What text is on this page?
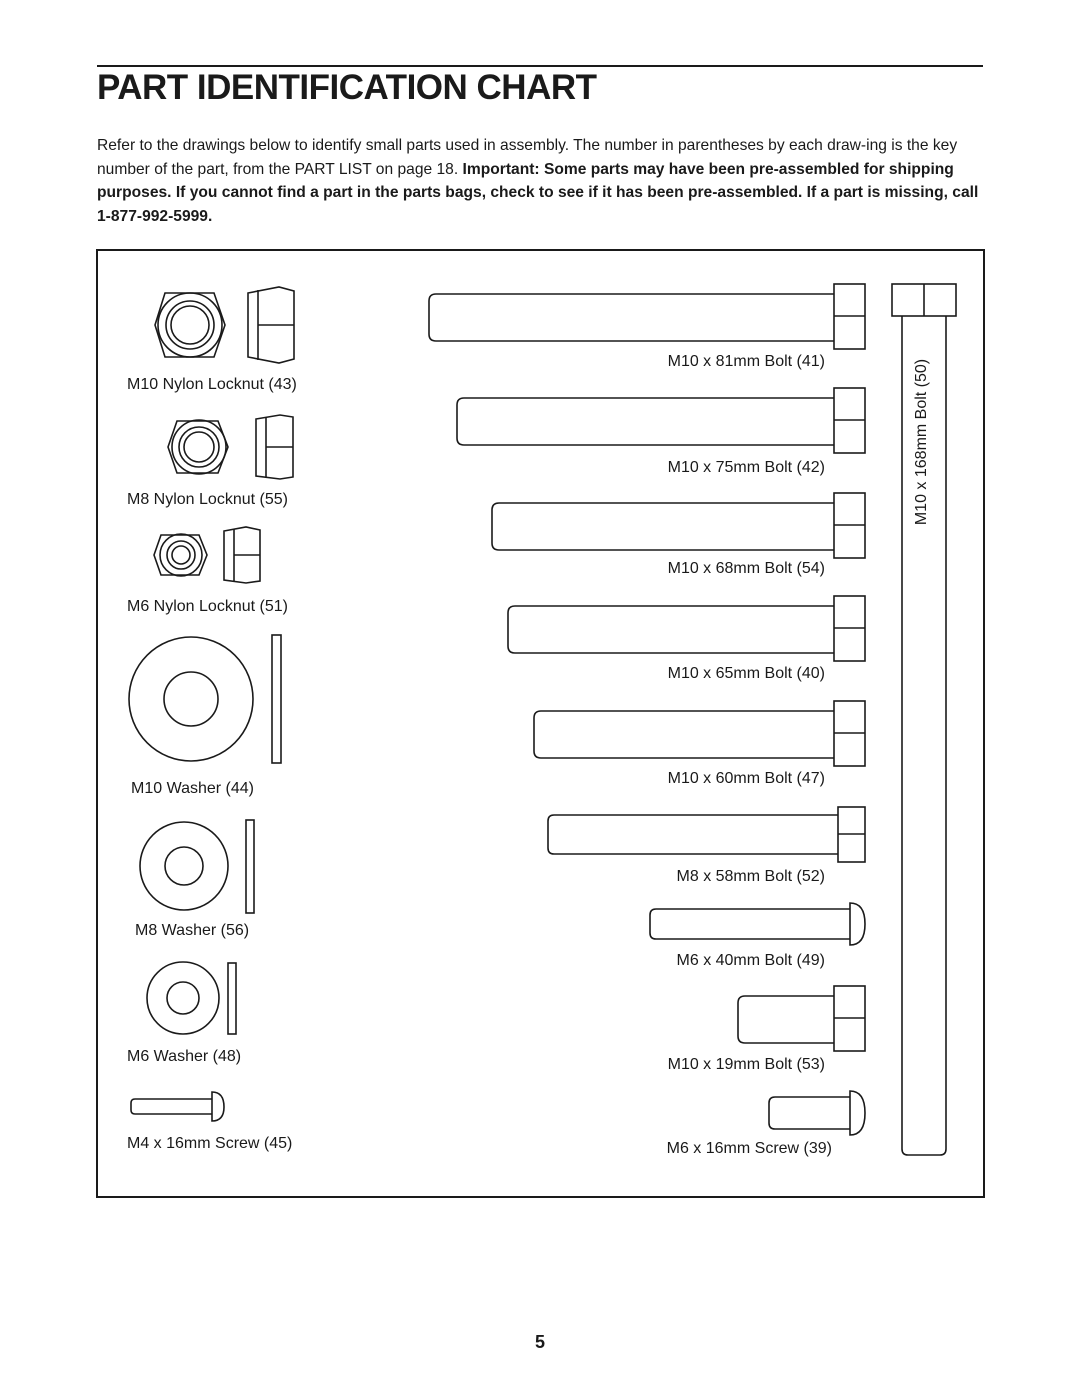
PART IDENTIFICATION CHART

Refer to the drawings below to identify small parts used in assembly. The number in parentheses by each draw-ing is the key number of the part, from the PART LIST on page 18. Important: Some parts may have been pre-assembled for shipping purposes. If you cannot find a part in the parts bags, check to see if it has been pre-assembled. If a part is missing, call 1-877-992-5999.

M10 Nylon Locknut (43)
M8 Nylon Locknut (55)
M6 Nylon Locknut (51)
M10 Washer (44)
M8 Washer (56)
M6 Washer (48)
M4 x 16mm Screw (45)
M10 x 81mm Bolt (41)
M10 x 75mm Bolt (42)
M10 x 68mm Bolt (54)
M10 x 65mm Bolt (40)
M10 x 60mm Bolt (47)
M8 x 58mm Bolt (52)
M6 x 40mm Bolt (49)
M10 x 19mm Bolt (53)
M6 x 16mm Screw (39)
M10 x 168mm Bolt (50)
5
